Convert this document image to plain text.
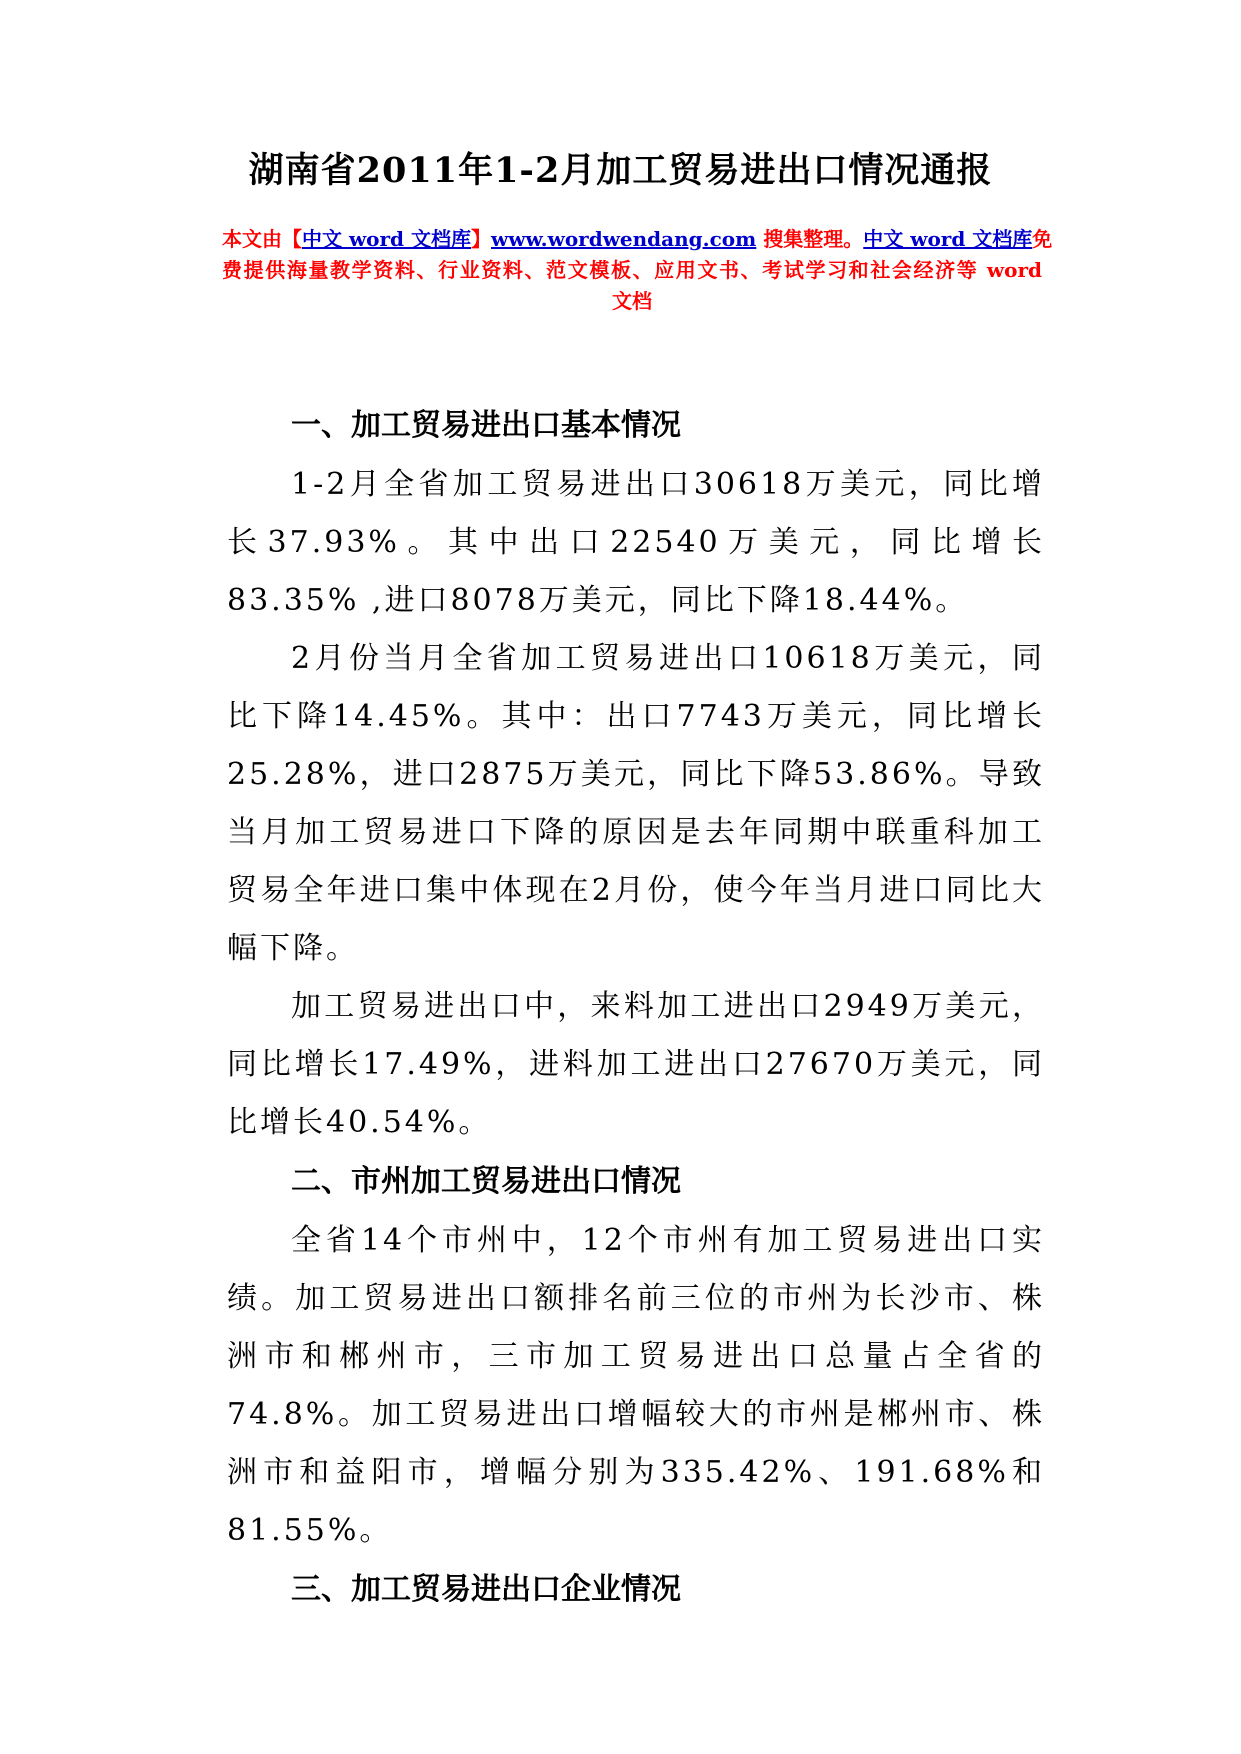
湖南省2011年1-2月加工贸易进出口情况通报
本文由【中文 word 文档库】www.wordwendang.com 搜集整理。中文 word 文档库免
费提供海量教学资料、行业资料、范文模板、应用文书、考试学习和社会经济等 word
文档

一、加工贸易进出口基本情况

1-2月全省加工贸易进出口30618万美元，同比增长37.93%。其中出口22540万美元，同比增长83.35% ,进口8078万美元，同比下降18.44%。

2月份当月全省加工贸易进出口10618万美元，同比下降14.45%。其中：出口7743万美元，同比增长25.28%，进口2875万美元，同比下降53.86%。导致当月加工贸易进口下降的原因是去年同期中联重科加工贸易全年进口集中体现在2月份，使今年当月进口同比大幅下降。

加工贸易进出口中，来料加工进出口2949万美元，同比增长17.49%，进料加工进出口27670万美元，同比增长40.54%。

二、市州加工贸易进出口情况

全省14个市州中，12个市州有加工贸易进出口实绩。加工贸易进出口额排名前三位的市州为长沙市、株洲市和郴州市，三市加工贸易进出口总量占全省的74.8%。加工贸易进出口增幅较大的市州是郴州市、株洲市和益阳市，增幅分别为335.42%、191.68%和81.55%。

三、加工贸易进出口企业情况
